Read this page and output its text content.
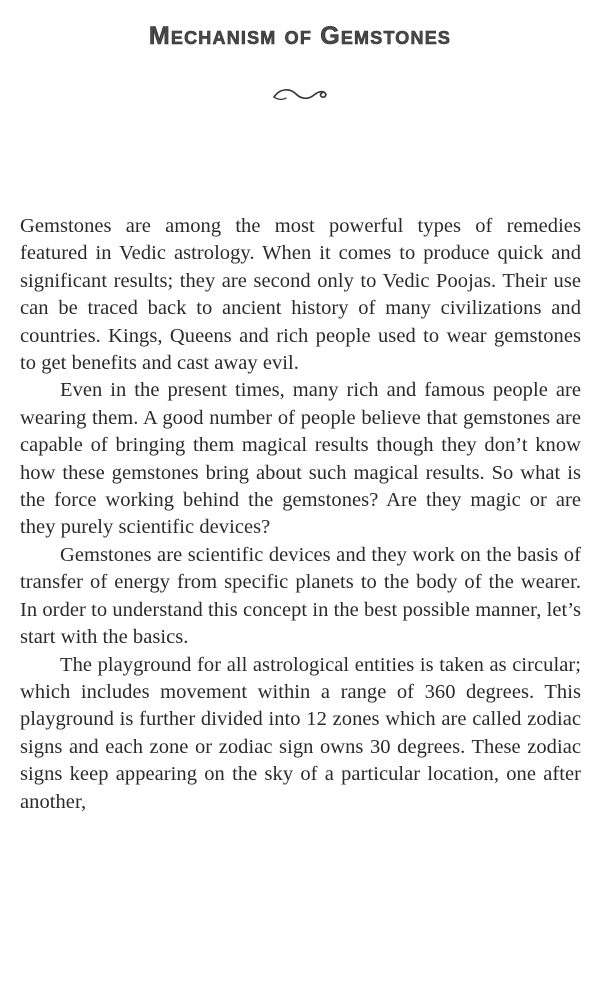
Mechanism of Gemstones

Gemstones are among the most powerful types of remedies featured in Vedic astrology. When it comes to produce quick and significant results; they are second only to Vedic Poojas. Their use can be traced back to ancient history of many civilizations and countries. Kings, Queens and rich people used to wear gemstones to get benefits and cast away evil.

Even in the present times, many rich and famous people are wearing them. A good number of people believe that gemstones are capable of bringing them magical results though they don’t know how these gemstones bring about such magical results. So what is the force working behind the gemstones? Are they magic or are they purely scientific devices?

Gemstones are scientific devices and they work on the basis of transfer of energy from specific planets to the body of the wearer. In order to understand this concept in the best possible manner, let’s start with the basics.

The playground for all astrological entities is taken as circular; which includes movement within a range of 360 degrees. This playground is further divided into 12 zones which are called zodiac signs and each zone or zodiac sign owns 30 degrees. These zodiac signs keep appearing on the sky of a particular location, one after another,
